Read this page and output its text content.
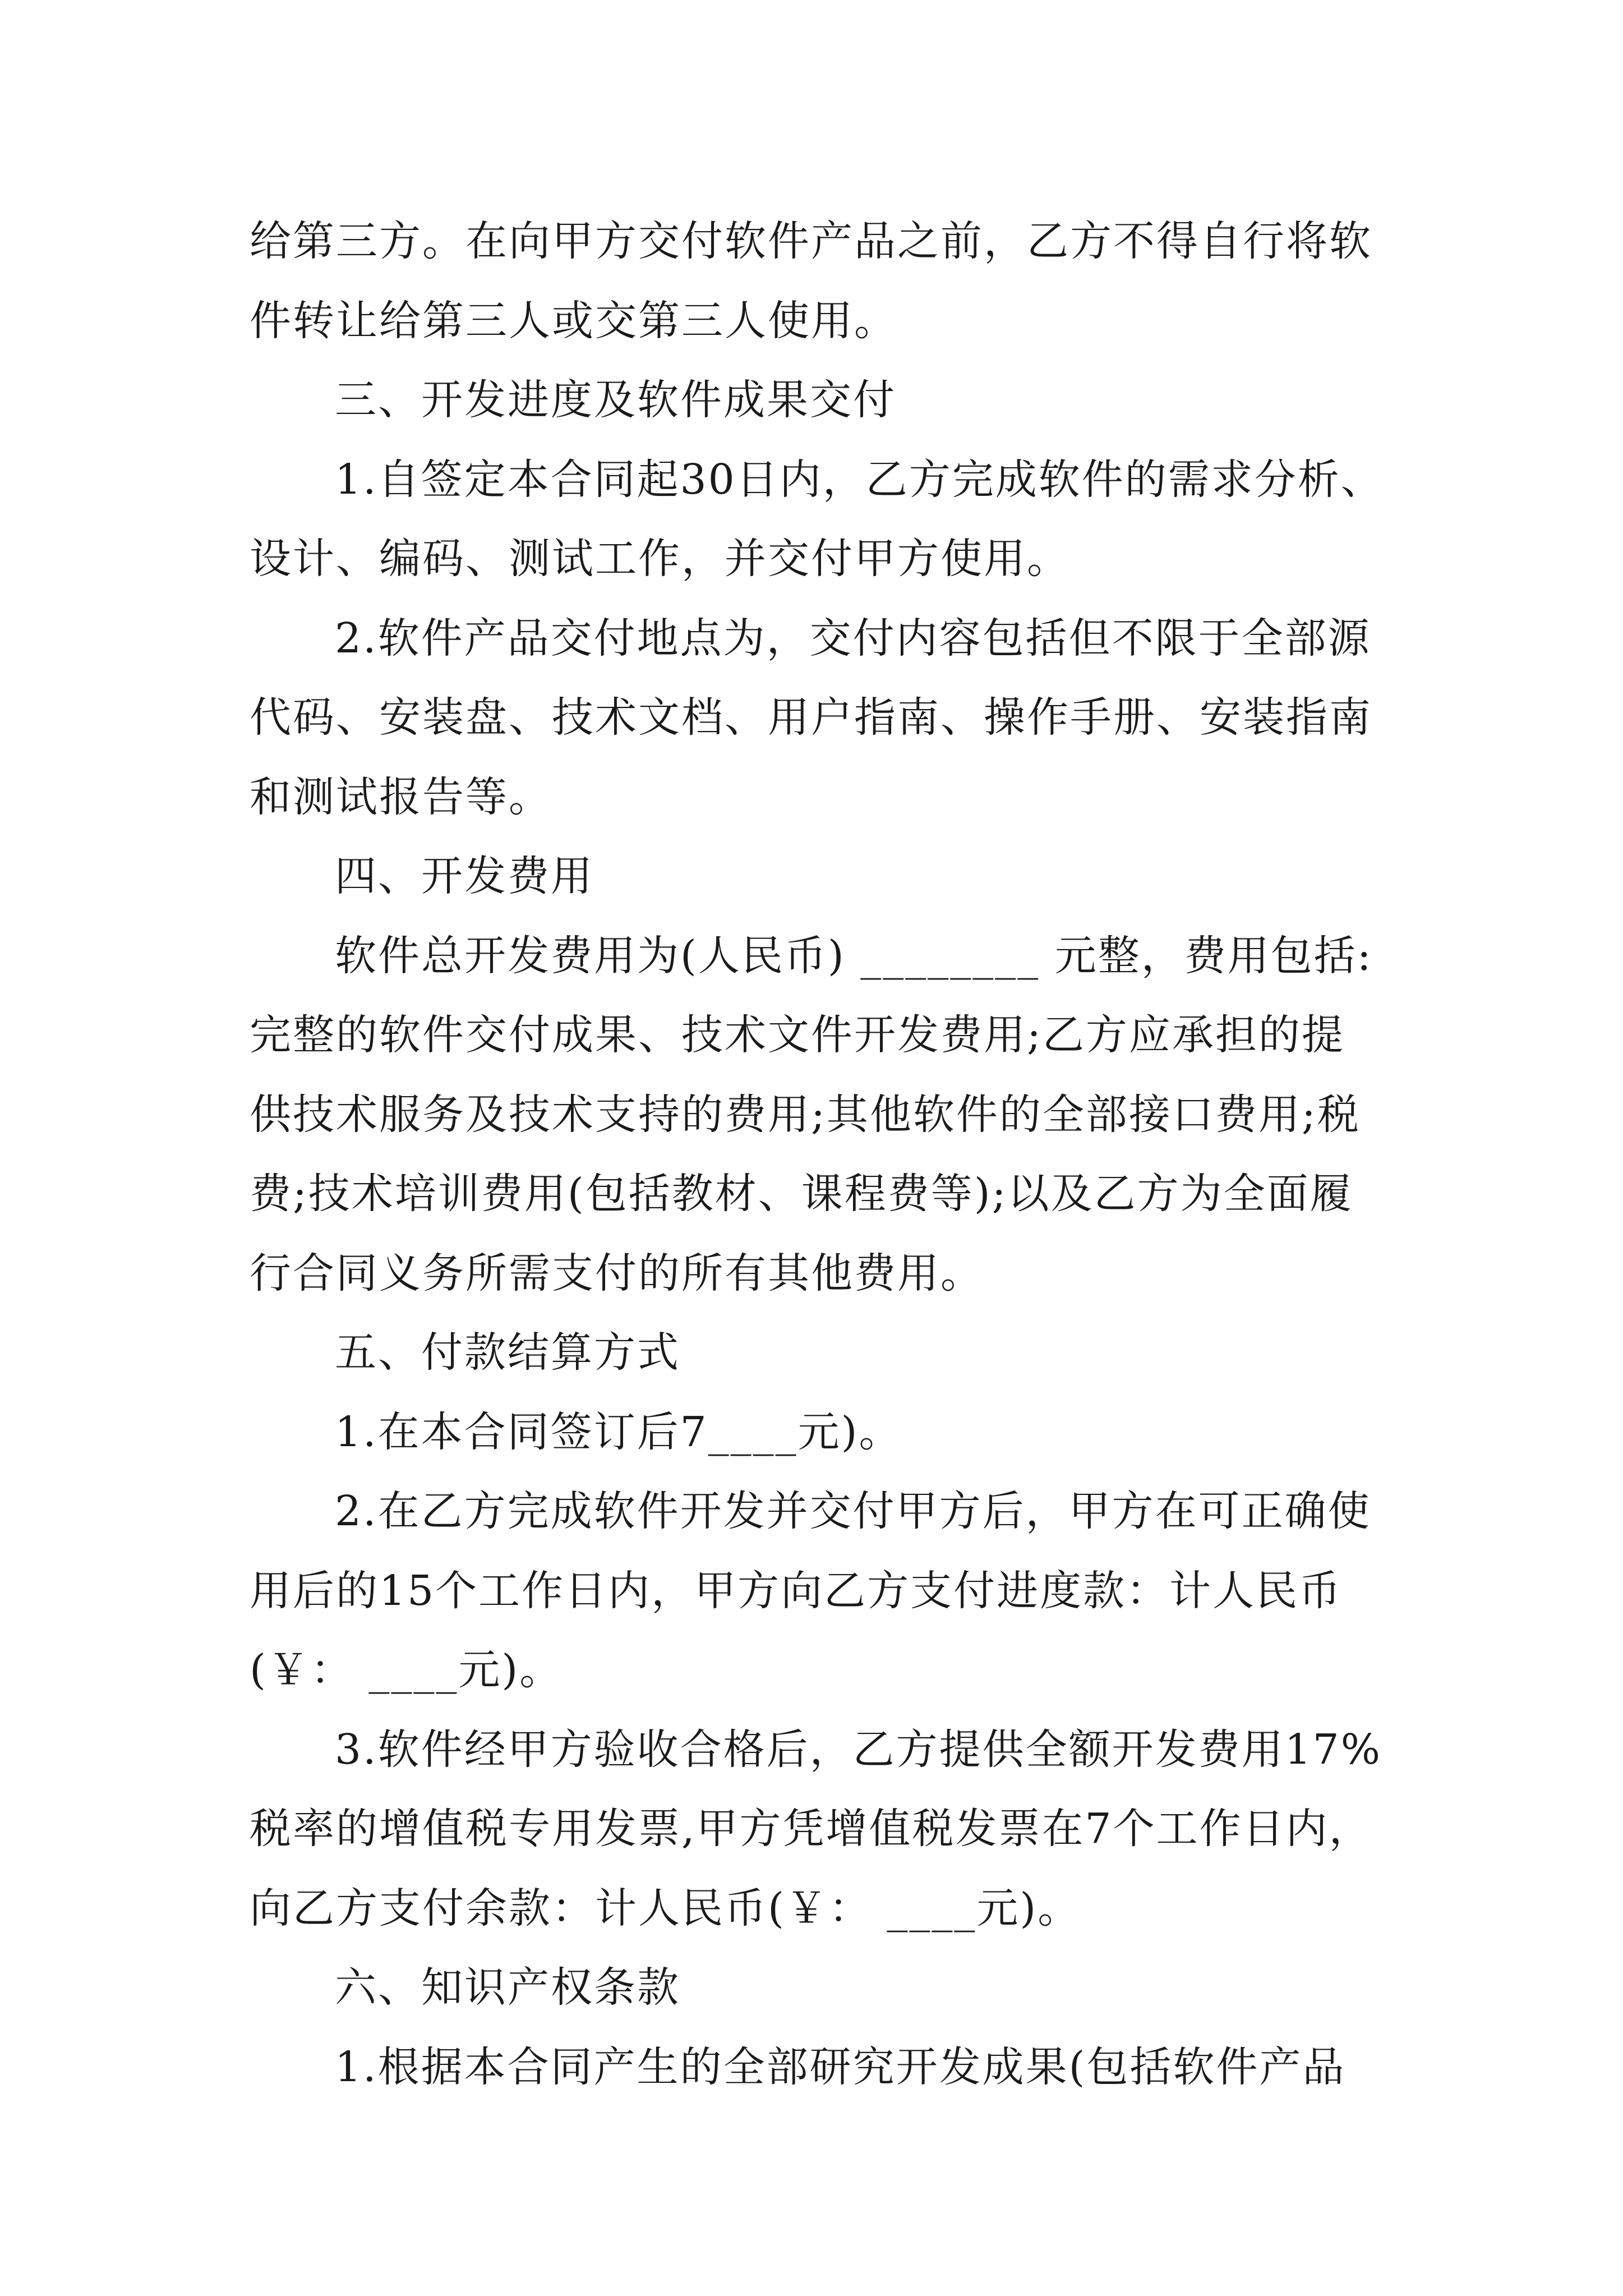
给第三方。在向甲方交付软件产品之前，乙方不得自行将软
件转让给第三人或交第三人使用。
三、开发进度及软件成果交付
1.自签定本合同起30日内，乙方完成软件的需求分析、
设计、编码、测试工作，并交付甲方使用。
2.软件产品交付地点为，交付内容包括但不限于全部源
代码、安装盘、技术文档、用户指南、操作手册、安装指南
和测试报告等。
四、开发费用
软件总开发费用为(人民币) ________ 元整，费用包括:
完整的软件交付成果、技术文件开发费用;乙方应承担的提
供技术服务及技术支持的费用;其他软件的全部接口费用;税
费;技术培训费用(包括教材、课程费等);以及乙方为全面履
行合同义务所需支付的所有其他费用。
五、付款结算方式
1.在本合同签订后7____元)。
2.在乙方完成软件开发并交付甲方后，甲方在可正确使
用后的15个工作日内，甲方向乙方支付进度款：计人民币
(￥： ____元)。
3.软件经甲方验收合格后，乙方提供全额开发费用17%
税率的增值税专用发票,甲方凭增值税发票在7个工作日内，
向乙方支付余款：计人民币(￥： ____元)。
六、知识产权条款
1.根据本合同产生的全部研究开发成果(包括软件产品
